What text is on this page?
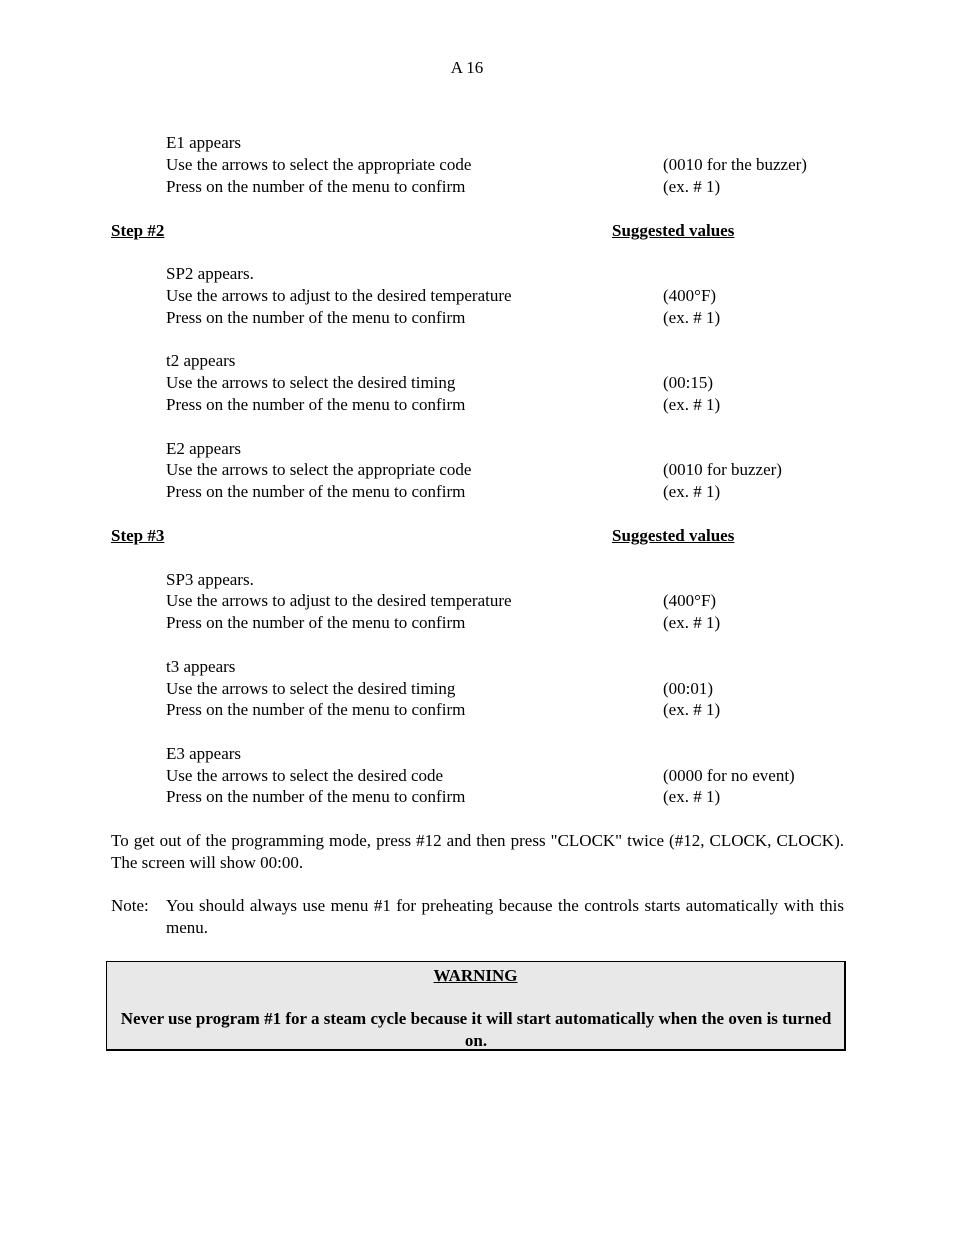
A 16
E1 appears
Use the arrows to select the appropriate code	(0010 for the buzzer)
Press on the number of the menu to confirm	(ex. # 1)
Step #2	Suggested values
SP2 appears.
Use the arrows to adjust to the desired temperature	(400°F)
Press on the number of the menu to confirm	(ex. # 1)
t2 appears
Use the arrows to select the desired timing	(00:15)
Press on the number of the menu to confirm	(ex. # 1)
E2 appears
Use the arrows to select the appropriate code	(0010 for buzzer)
Press on the number of the menu to confirm	(ex. # 1)
Step #3	Suggested values
SP3 appears.
Use the arrows to adjust to the desired temperature	(400°F)
Press on the number of the menu to confirm	(ex. # 1)
t3 appears
Use the arrows to select the desired timing	(00:01)
Press on the number of the menu to confirm	(ex. # 1)
E3 appears
Use the arrows to select the desired code	(0000 for no event)
Press on the number of the menu to confirm	(ex. # 1)
To get out of the programming mode, press #12 and then press "CLOCK" twice (#12, CLOCK, CLOCK). The screen will show 00:00.
Note: You should always use menu #1 for preheating because the controls starts automatically with this menu.
WARNING
Never use program #1 for a steam cycle because it will start automatically when the oven is turned on.
